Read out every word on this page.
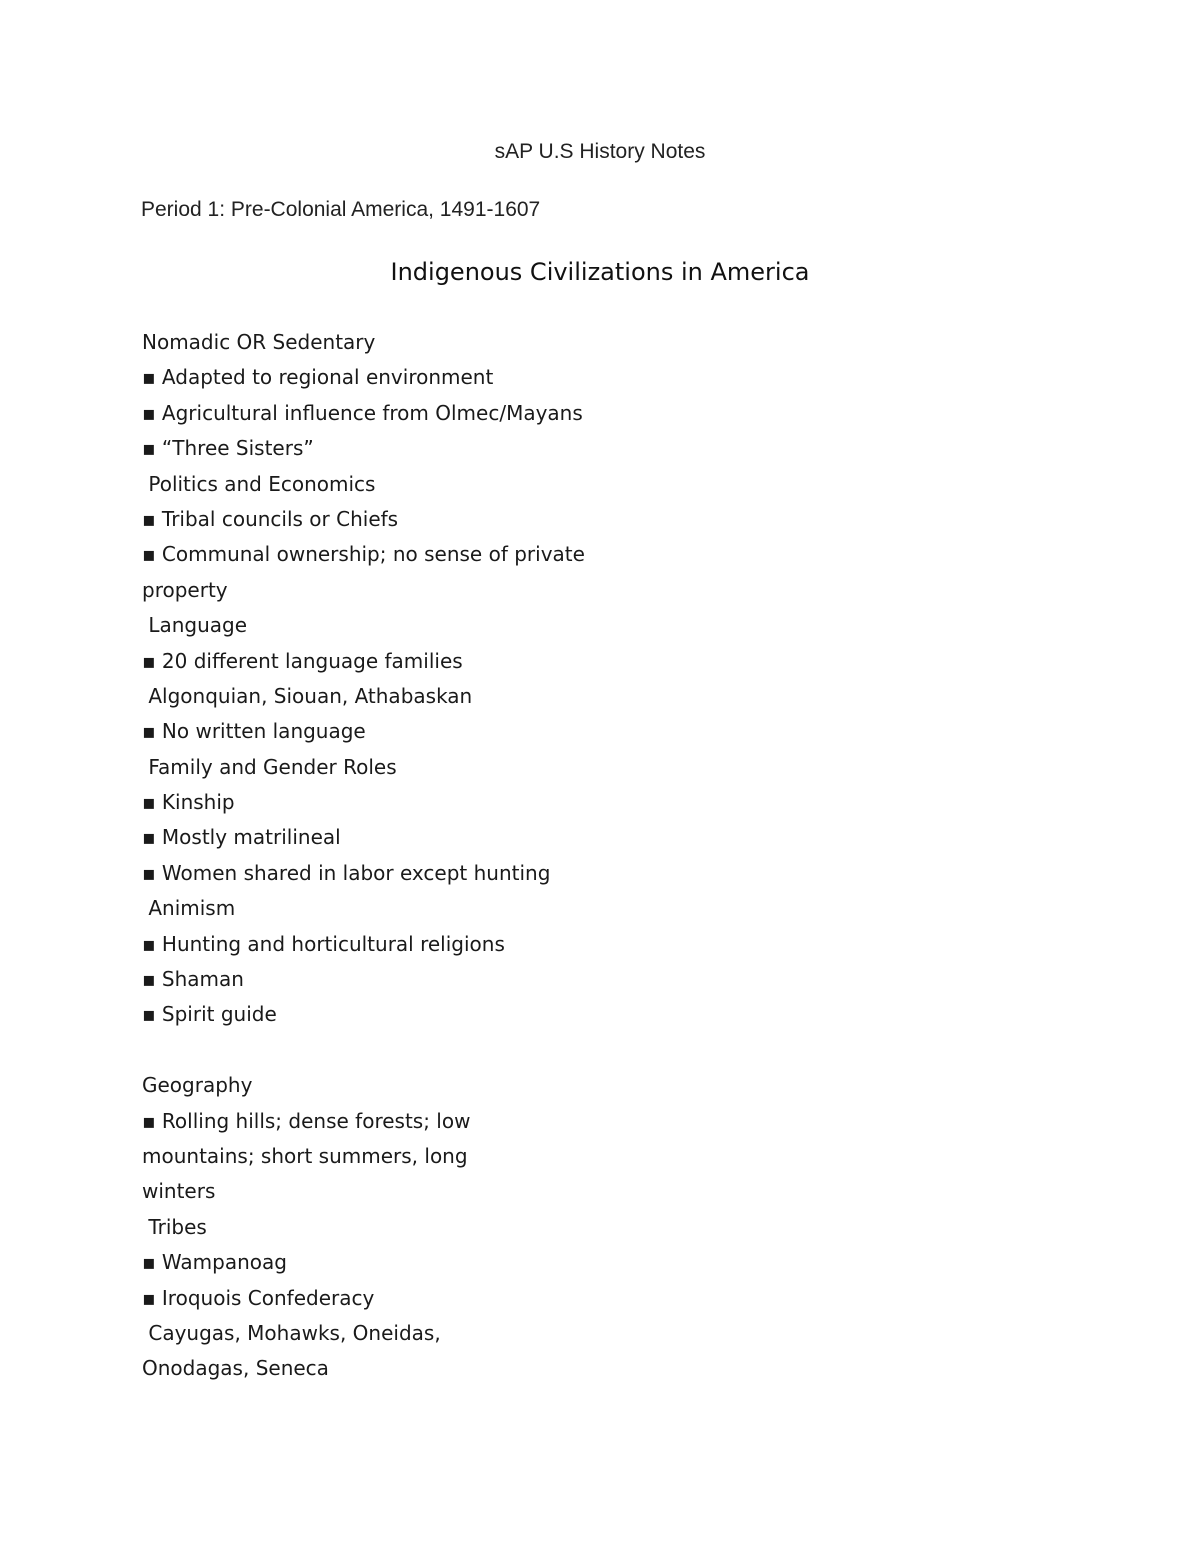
sAP U.S History Notes
Period 1: Pre-Colonial America, 1491-1607
Indigenous Civilizations in America
Nomadic OR Sedentary
▪ Adapted to regional environment
▪ Agricultural influence from Olmec/Mayans
▪ “Three Sisters”
Politics and Economics
▪ Tribal councils or Chiefs
▪ Communal ownership; no sense of private
property
Language
▪ 20 different language families
Algonquian, Siouan, Athabaskan
▪ No written language
Family and Gender Roles
▪ Kinship
▪ Mostly matrilineal
▪ Women shared in labor except hunting
Animism
▪ Hunting and horticultural religions
▪ Shaman
▪ Spirit guide
Geography
▪ Rolling hills; dense forests; low
mountains; short summers, long
winters
Tribes
▪ Wampanoag
▪ Iroquois Confederacy
Cayugas, Mohawks, Oneidas,
Onodagas, Seneca
